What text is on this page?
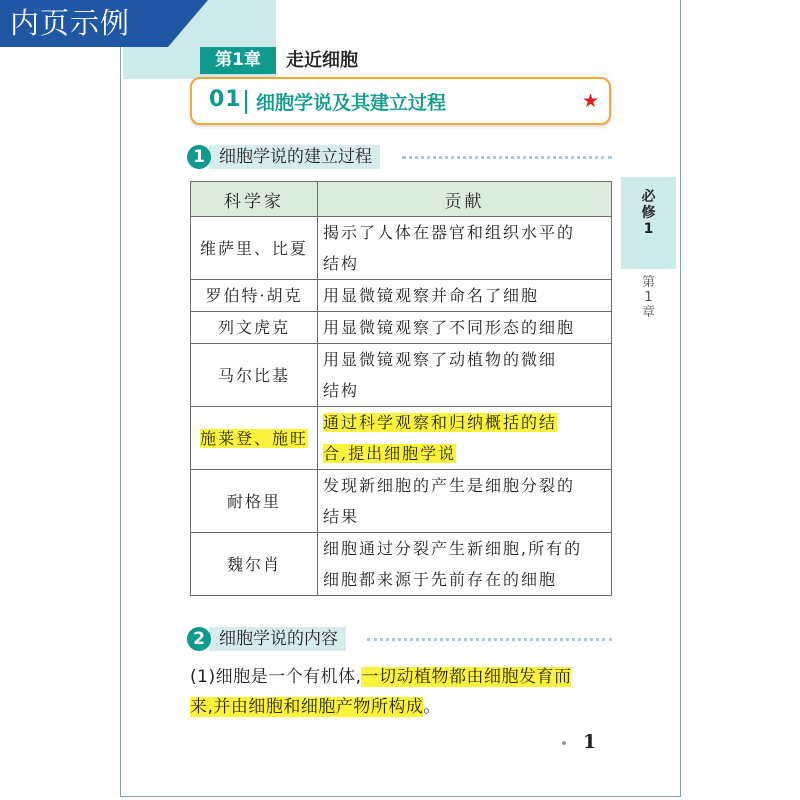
内页示例
第1章	走近细胞
01 细胞学说及其建立过程	★
细胞学说的建立过程
1
科学家	贡献
维萨里、比夏	揭示了人体在器官和组织水平的
结构

罗伯特·胡克	用显微镜观察并命名了细胞

列文虎克	用显微镜观察了不同形态的细胞

马尔比基	用显微镜观察了动植物的微细
结构

施莱登、施旺	通过科学观察和归纳概括的结
合,提出细胞学说

耐格里	发现新细胞的产生是细胞分裂的
结果

魏尔肖	细胞通过分裂产生新细胞,所有的
细胞都来源于先前存在的细胞
细胞学说的内容
2
(1)细胞是一个有机体,一切动植物都由细胞发育而
来,并由细胞和细胞产物所构成。
必
修
1
第
1
章
1
